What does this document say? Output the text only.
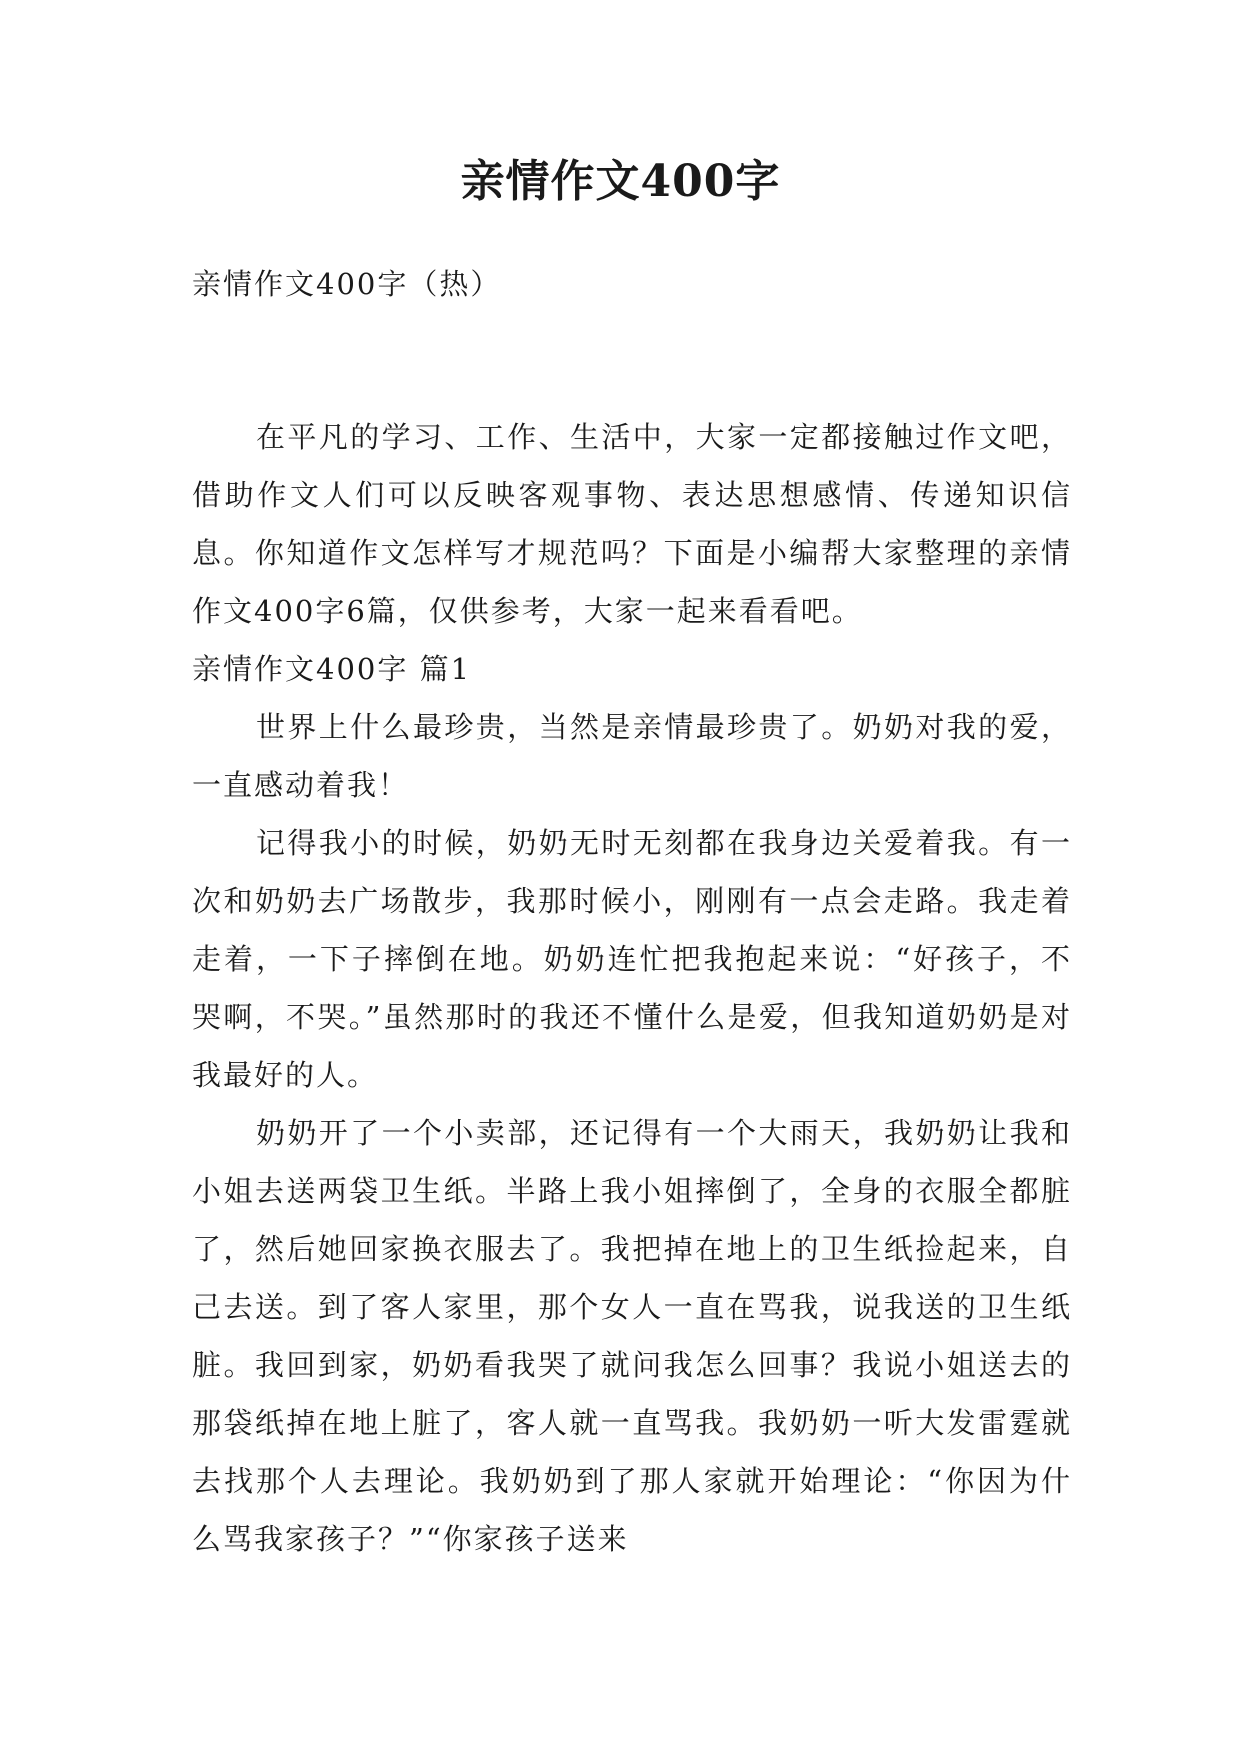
亲情作文400字
亲情作文400字（热）

在平凡的学习、工作、生活中，大家一定都接触过作文吧，借助作文人们可以反映客观事物、表达思想感情、传递知识信息。你知道作文怎样写才规范吗？下面是小编帮大家整理的亲情作文400字6篇，仅供参考，大家一起来看看吧。

亲情作文400字 篇1

世界上什么最珍贵，当然是亲情最珍贵了。奶奶对我的爱，一直感动着我！

记得我小的时候，奶奶无时无刻都在我身边关爱着我。有一次和奶奶去广场散步，我那时候小，刚刚有一点会走路。我走着走着，一下子摔倒在地。奶奶连忙把我抱起来说：“好孩子，不哭啊，不哭。”虽然那时的我还不懂什么是爱，但我知道奶奶是对我最好的人。

奶奶开了一个小卖部，还记得有一个大雨天，我奶奶让我和小姐去送两袋卫生纸。半路上我小姐摔倒了，全身的衣服全都脏了，然后她回家换衣服去了。我把掉在地上的卫生纸捡起来，自己去送。到了客人家里，那个女人一直在骂我，说我送的卫生纸脏。我回到家，奶奶看我哭了就问我怎么回事？我说小姐送去的那袋纸掉在地上脏了，客人就一直骂我。我奶奶一听大发雷霆就去找那个人去理论。我奶奶到了那人家就开始理论：“你因为什么骂我家孩子？”“你家孩子送来
